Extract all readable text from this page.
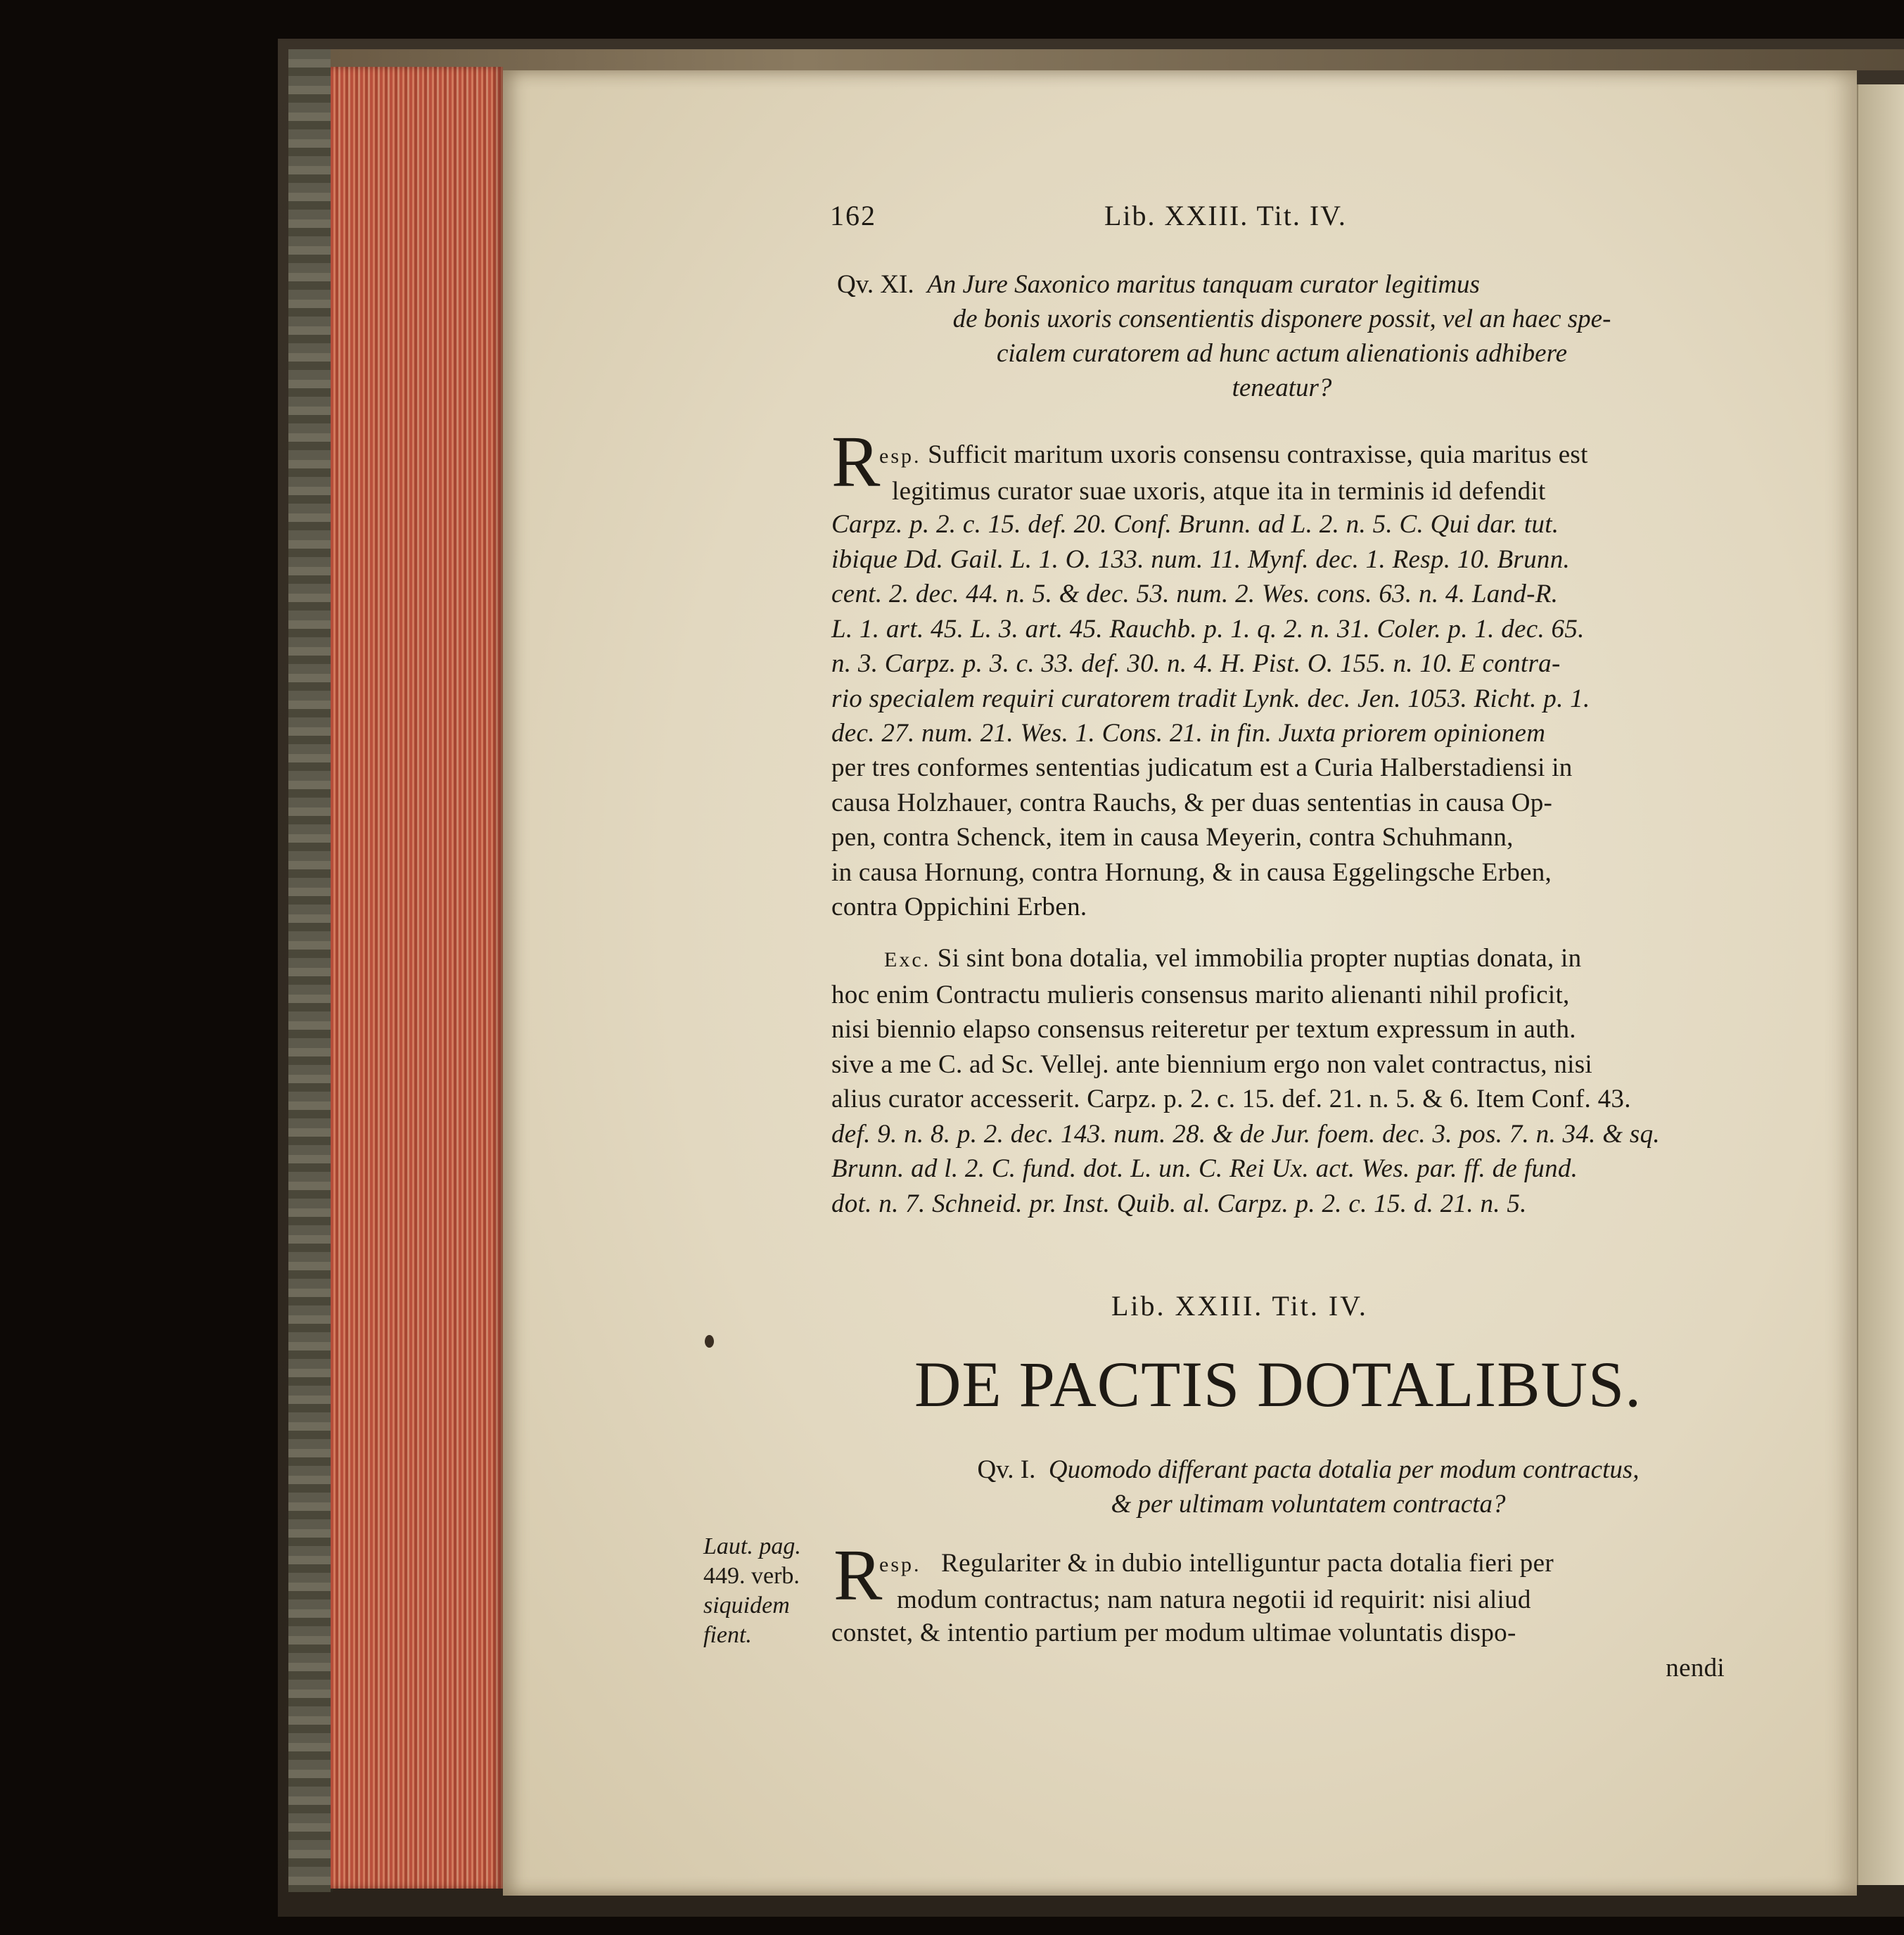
162	Lib. XXIII. Tit. IV.
Qv. XI. An Jure Saxonico maritus tanquam curator legitimus
de bonis uxoris consentientis disponere possit, vel an haec spe-
cialem curatorem ad hunc actum alienationis adhibere
teneatur?
R
esp. Sufficit maritum uxoris consensu contraxisse, quia maritus est
legitimus curator suae uxoris, atque ita in terminis id defendit
Carpz. p. 2. c. 15. def. 20. Conf. Brunn. ad L. 2. n. 5. C. Qui dar. tut.
ibique Dd. Gail. L. 1. O. 133. num. 11. Mynf. dec. 1. Resp. 10. Brunn.
cent. 2. dec. 44. n. 5. & dec. 53. num. 2. Wes. cons. 63. n. 4. Land-R.
L. 1. art. 45. L. 3. art. 45. Rauchb. p. 1. q. 2. n. 31. Coler. p. 1. dec. 65.
n. 3. Carpz. p. 3. c. 33. def. 30. n. 4. H. Pist. O. 155. n. 10. E contra-
rio specialem requiri curatorem tradit Lynk. dec. Jen. 1053. Richt. p. 1.
dec. 27. num. 21. Wes. 1. Cons. 21. in fin. Juxta priorem opinionem
per tres conformes sententias judicatum est a Curia Halberstadiensi in
causa Holzhauer, contra Rauchs, & per duas sententias in causa Op-
pen, contra Schenck, item in causa Meyerin, contra Schuhmann,
in causa Hornung, contra Hornung, & in causa Eggelingsche Erben,
contra Oppichini Erben.
Exc. Si sint bona dotalia, vel immobilia propter nuptias donata, in
hoc enim Contractu mulieris consensus marito alienanti nihil proficit,
nisi biennio elapso consensus reiteretur per textum expressum in auth.
sive a me C. ad Sc. Vellej. ante biennium ergo non valet contractus, nisi
alius curator accesserit. Carpz. p. 2. c. 15. def. 21. n. 5. & 6. Item Conf. 43.
def. 9. n. 8. p. 2. dec. 143. num. 28. & de Jur. foem. dec. 3. pos. 7. n. 34. & sq.
Brunn. ad l. 2. C. fund. dot. L. un. C. Rei Ux. act. Wes. par. ff. de fund.
dot. n. 7. Schneid. pr. Inst. Quib. al. Carpz. p. 2. c. 15. d. 21. n. 5.
Lib. XXIII. Tit. IV.
DE PACTIS DOTALIBUS.
Qv. I. Quomodo differant pacta dotalia per modum contractus,
& per ultimam voluntatem contracta?
Laut. pag.
449. verb.
siquidem
fient.
R
esp. Regulariter & in dubio intelliguntur pacta dotalia fieri per
modum contractus; nam natura negotii id requirit: nisi aliud
constet, & intentio partium per modum ultimae voluntatis dispo-
nendi
